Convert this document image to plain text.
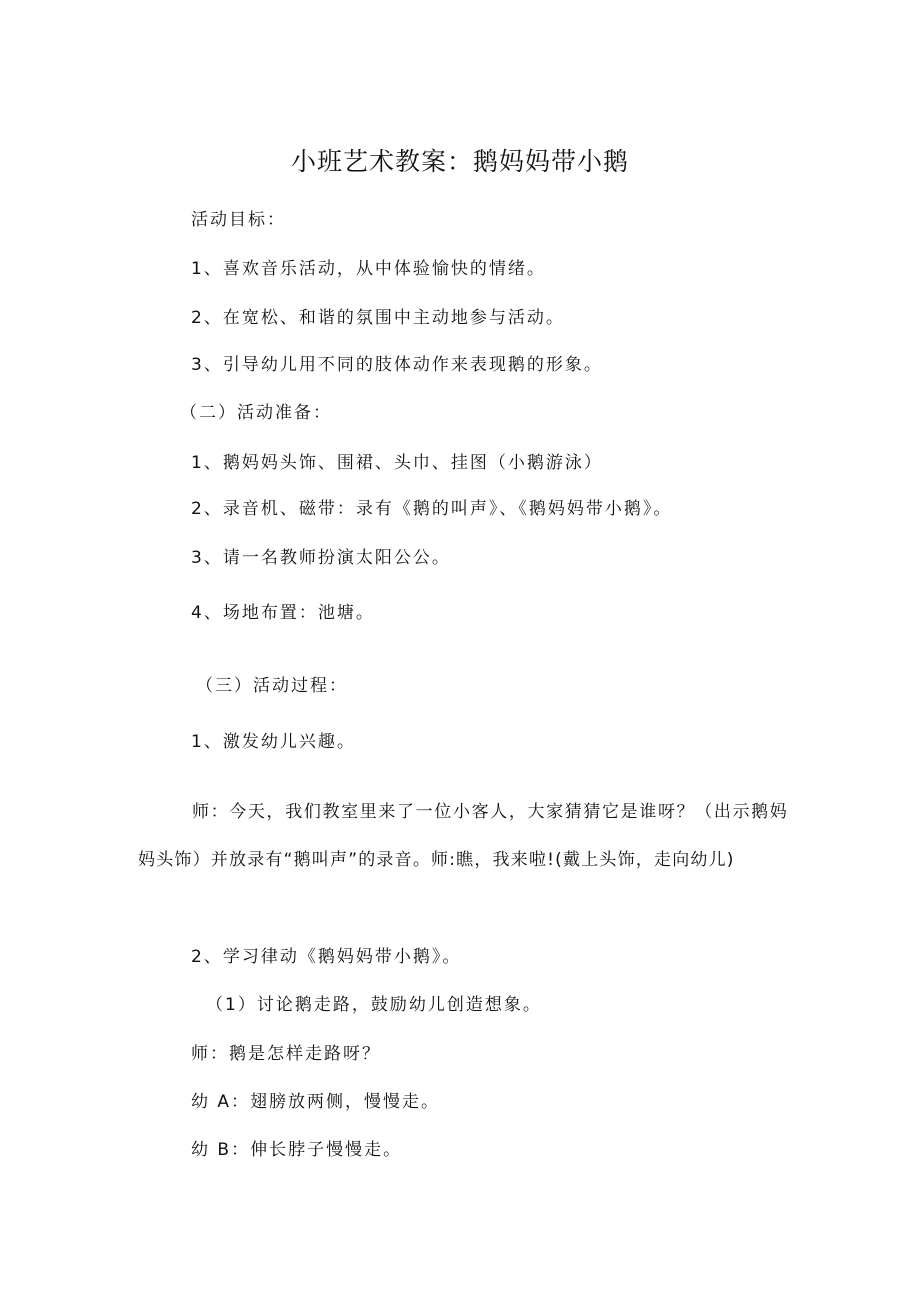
小班艺术教案：鹅妈妈带小鹅
活动目标：
1、喜欢音乐活动，从中体验愉快的情绪。
2、在宽松、和谐的氛围中主动地参与活动。
3、引导幼儿用不同的肢体动作来表现鹅的形象。
（二）活动准备：
1、鹅妈妈头饰、围裙、头巾、挂图（小鹅游泳）
2、录音机、磁带：录有《鹅的叫声》、《鹅妈妈带小鹅》。
3、请一名教师扮演太阳公公。
4、场地布置：池塘。
（三）活动过程：
1、激发幼儿兴趣。
师：今天，我们教室里来了一位小客人，大家猜猜它是谁呀？（出示鹅妈妈头饰）并放录有“鹅叫声”的录音。师:瞧，我来啦!(戴上头饰，走向幼儿)
2、学习律动《鹅妈妈带小鹅》。
（1）讨论鹅走路，鼓励幼儿创造想象。
师：鹅是怎样走路呀？
幼 A：翅膀放两侧，慢慢走。
幼 B：伸长脖子慢慢走。
